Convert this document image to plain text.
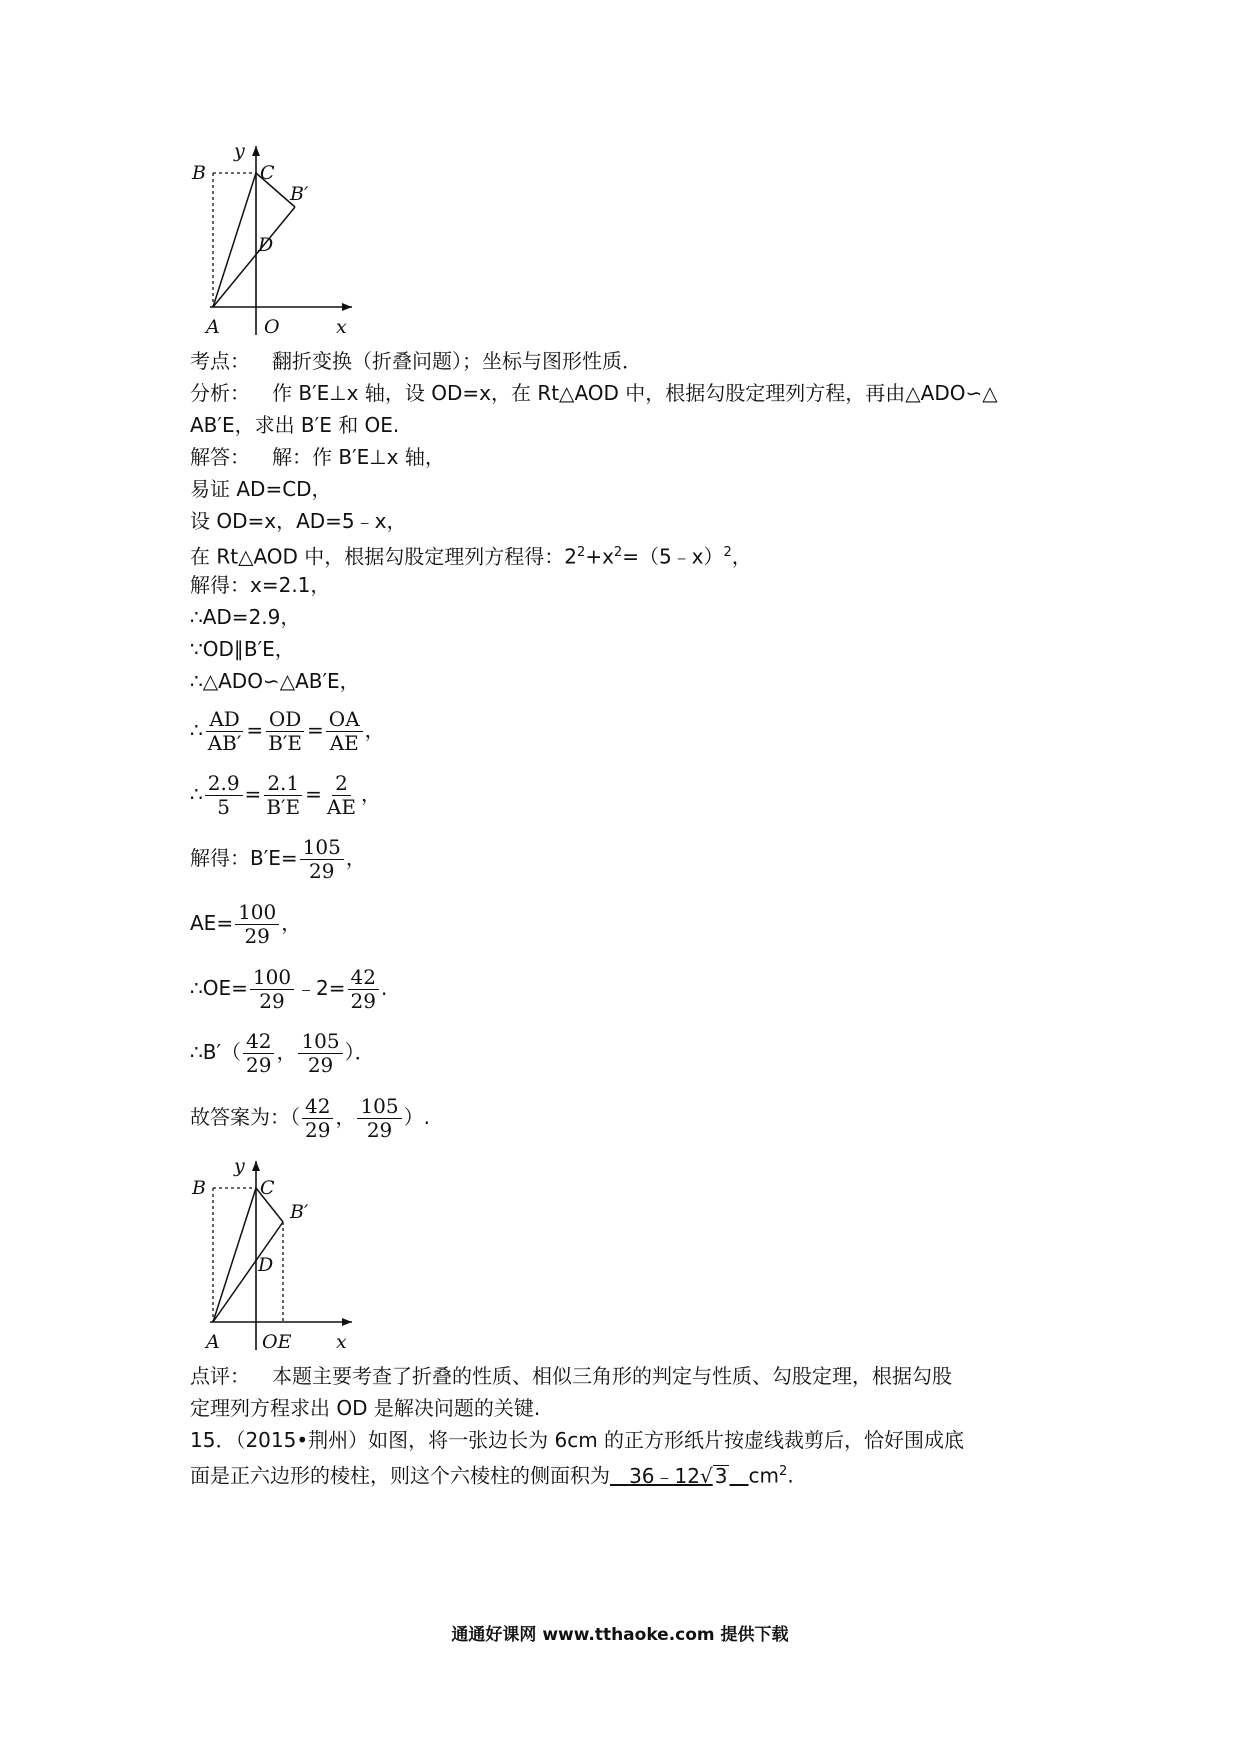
y
B	C
B′
D
A O	x
考点： 翻折变换（折叠问题）；坐标与图形性质．
分析： 作 B′E⊥x 轴，设 OD=x，在 Rt△AOD 中，根据勾股定理列方程，再由△ADO∽△
AB′E，求出 B′E 和 OE.
解答： 解：作 B′E⊥x 轴，
易证 AD=CD，
设 OD=x，AD=5﹣x，
在 Rt△AOD 中，根据勾股定理列方程得：$2^2+x^2=(5﹣x)^2$，
解得：x=2.1，
∴AD=2.9，
∵OD∥B′E，
∴△ADO∽△AB′E，
∴ $\frac{AD}{AB'} = \frac{OD}{B'E} = \frac{OA}{AE}$ ，
∴ $\frac{2.9}{5} = \frac{2.1}{B'E} = \frac{2}{AE}$ ，
解得：$B'E= \frac{105}{29}$ ，
$AE= \frac{100}{29}$ ，
∴OE= $\frac{100}{29}$ ﹣2= $\frac{42}{29}$ .
∴B′（ $\frac{42}{29}$ ， $\frac{105}{29}$ ）．
故答案为：（ $\frac{42}{29}$ ， $\frac{105}{29}$ ）.
y
B	C
B′
D
A OE x
点评： 本题主要考查了折叠的性质、相似三角形的判定与性质、勾股定理，根据勾股
定理列方程求出 OD 是解决问题的关键.
15．（2015•荆州）如图，将一张边长为 6cm 的正方形纸片按虚线裁剪后，恰好围成底
面是正六边形的棱柱，则这个六棱柱的侧面积为 36﹣12√ 3 $cm^2$.
通通好课网 www.tthaoke.com 提供下载
